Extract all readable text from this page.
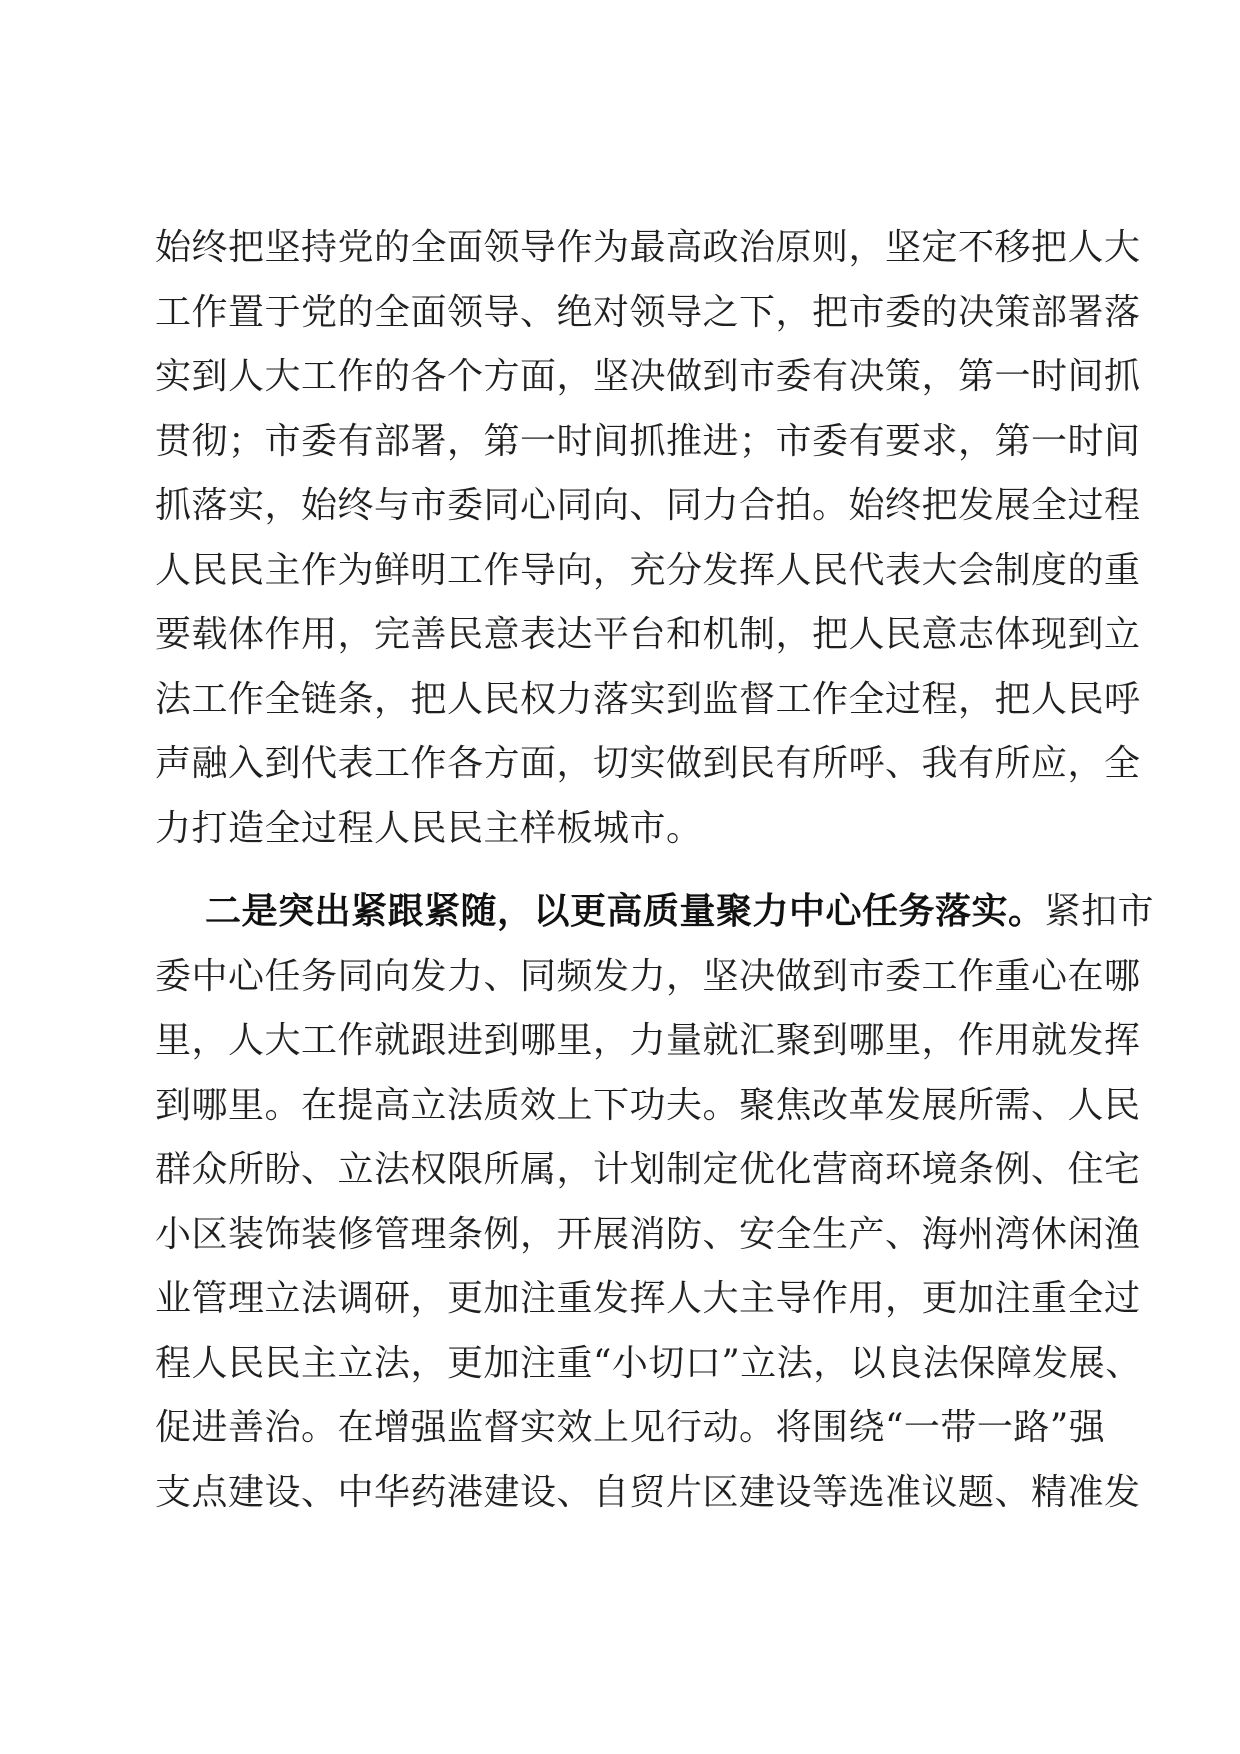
始终把坚持党的全面领导作为最高政治原则，坚定不移把人大
工作置于党的全面领导、绝对领导之下，把市委的决策部署落
实到人大工作的各个方面，坚决做到市委有决策，第一时间抓
贯彻；市委有部署，第一时间抓推进；市委有要求，第一时间
抓落实，始终与市委同心同向、同力合拍。始终把发展全过程
人民民主作为鲜明工作导向，充分发挥人民代表大会制度的重
要载体作用，完善民意表达平台和机制，把人民意志体现到立
法工作全链条，把人民权力落实到监督工作全过程，把人民呼
声融入到代表工作各方面，切实做到民有所呼、我有所应，全
力打造全过程人民民主样板城市。
二是突出紧跟紧随，以更高质量聚力中心任务落实。紧扣市
委中心任务同向发力、同频发力，坚决做到市委工作重心在哪
里，人大工作就跟进到哪里，力量就汇聚到哪里，作用就发挥
到哪里。在提高立法质效上下功夫。聚焦改革发展所需、人民
群众所盼、立法权限所属，计划制定优化营商环境条例、住宅
小区装饰装修管理条例，开展消防、安全生产、海州湾休闲渔
业管理立法调研，更加注重发挥人大主导作用，更加注重全过
程人民民主立法，更加注重“小切口”立法，以良法保障发展、
促进善治。在增强监督实效上见行动。将围绕“一带一路”强
支点建设、中华药港建设、自贸片区建设等选准议题、精准发
